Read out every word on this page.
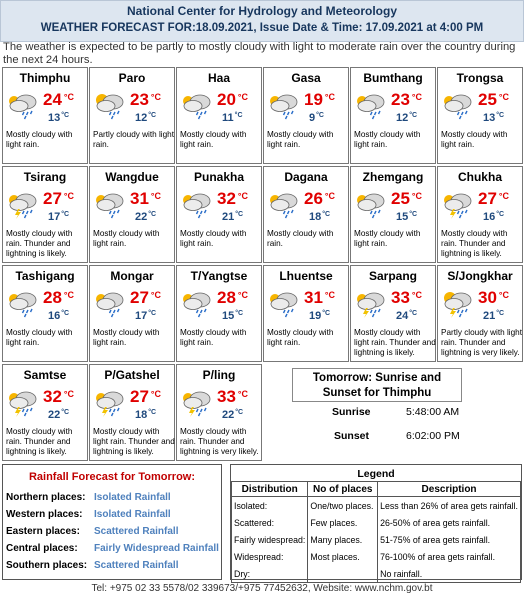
National Center for Hydrology and Meteorology
WEATHER FORECAST FOR:18.09.2021, Issue Date & Time: 17.09.2021 at 4:00 PM
The weather is expected to be partly to mostly cloudy with light to moderate rain over the country during the next 24 hours.
Thimphu
24 $^{^\circ C}$
$13^{^\circ C}$
Mostly cloudy with light rain.
Paro
23 $^{^\circ C}$
$12^{^\circ C}$
Partly cloudy with light rain.
Haa
20 $^{^\circ C}$
$11^{^\circ C}$
Mostly cloudy with light rain.
Gasa
19 $^{^\circ C}$
$9^{^\circ C}$
Mostly cloudy with light rain.
Bumthang
23 $^{^\circ C}$
$12^{^\circ C}$
Mostly cloudy with light rain.
Trongsa
25 $^{^\circ C}$
$13^{^\circ C}$
Mostly cloudy with light rain.
Tsirang
27 $^{^\circ C}$
$17^{^\circ C}$
Mostly cloudy with rain. Thunder and lightning is likely.
Wangdue
31 $^{^\circ C}$
$22^{^\circ C}$
Mostly cloudy with light rain.
Punakha
32 $^{^\circ C}$
$21^{^\circ C}$
Mostly cloudy with light rain.
Dagana
26 $^{^\circ C}$
$18^{^\circ C}$
Mostly cloudy with rain.
Zhemgang
25 $^{^\circ C}$
$15^{^\circ C}$
Mostly cloudy with light rain.
Chukha
27 $^{^\circ C}$
$16^{^\circ C}$
Mostly cloudy with rain. Thunder and lightning is likely.
Tashigang
28 $^{^\circ C}$
$16^{^\circ C}$
Mostly cloudy with light rain.
Mongar
27 $^{^\circ C}$
$17^{^\circ C}$
Mostly cloudy with light rain.
T/Yangtse
28 $^{^\circ C}$
$15^{^\circ C}$
Mostly cloudy with light rain.
Lhuentse
31 $^{^\circ C}$
$19^{^\circ C}$
Mostly cloudy with light rain.
Sarpang
33 $^{^\circ C}$
$24^{^\circ C}$
Mostly cloudy with light rain. Thunder and lightning is likely.
S/Jongkhar
30 $^{^\circ C}$
$21^{^\circ C}$
Partly cloudy with light rain. Thunder and lightning is very likely.
Samtse
32 $^{^\circ C}$
$22^{^\circ C}$
Mostly cloudy with rain. Thunder and lightning is likely.
P/Gatshel
27 $^{^\circ C}$
$18^{^\circ C}$
Mostly cloudy with light rain. Thunder and lightning is likely.
P/ling
33 $^{^\circ C}$
$22^{^\circ C}$
Mostly cloudy with rain. Thunder and lightning is very likely.
Tomorrow: Sunrise and Sunset for Thimphu
Sunrise	5:48:00 AM
Sunset	6:02:00 PM
Rainfall Forecast for Tomorrow:
Northern places: Isolated Rainfall
Western places: Isolated Rainfall
Eastern places: Scattered Rainfall
Central places: Fairly Widespread Rainfall
Southern places: Scattered Rainfall
Legend
Distribution	No of places	Description
Isolated:	One/two places.	Less than 26% of area gets rainfall.
Scattered:	Few places.	26-50% of area gets rainfall.
Fairly widespread:	Many places.	51-75% of area gets rainfall.
Widespread:	Most places.	76-100% of area gets rainfall.
Dry:		No rainfall.
Tel: +975 02 33 5578/02 339673/+975 77452632, Website: www.nchm.gov.bt
